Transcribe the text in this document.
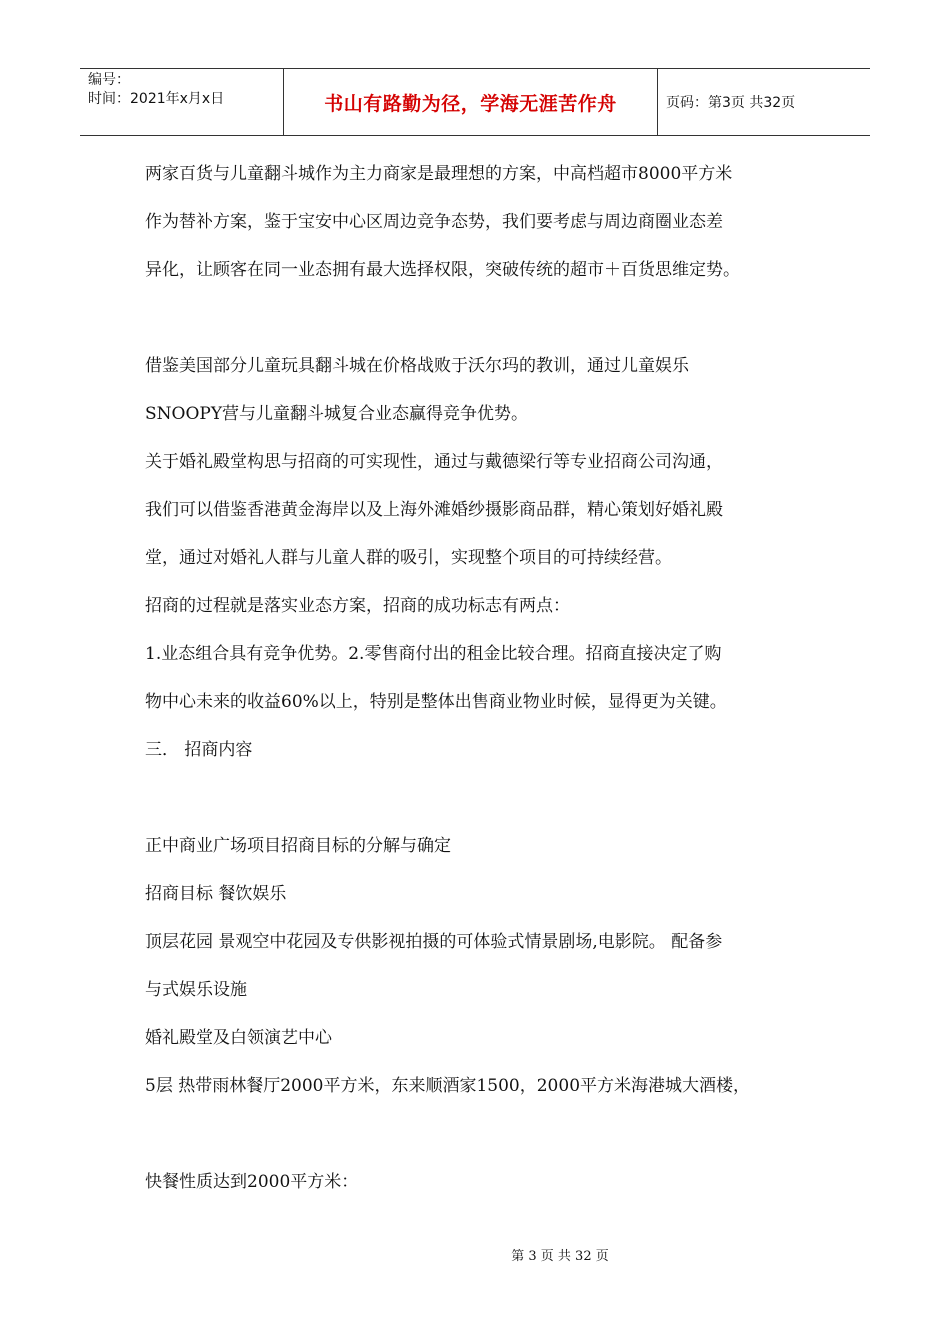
编号：
时间：2021年x月x日	书山有路勤为径，学海无涯苦作舟	页码：第3页 共32页

两家百货与儿童翻斗城作为主力商家是最理想的方案，中高档超市8000平方米

作为替补方案，鉴于宝安中心区周边竞争态势，我们要考虑与周边商圈业态差

异化，让顾客在同一业态拥有最大选择权限，突破传统的超市＋百货思维定势。

借鉴美国部分儿童玩具翻斗城在价格战败于沃尔玛的教训，通过儿童娱乐

SNOOPY营与儿童翻斗城复合业态赢得竞争优势。

关于婚礼殿堂构思与招商的可实现性，通过与戴德梁行等专业招商公司沟通，

我们可以借鉴香港黄金海岸以及上海外滩婚纱摄影商品群，精心策划好婚礼殿

堂，通过对婚礼人群与儿童人群的吸引，实现整个项目的可持续经营。

招商的过程就是落实业态方案，招商的成功标志有两点：

1.业态组合具有竞争优势。2.零售商付出的租金比较合理。招商直接决定了购

物中心未来的收益60%以上，特别是整体出售商业物业时候，显得更为关键。

三． 招商内容

正中商业广场项目招商目标的分解与确定

招商目标 餐饮娱乐

顶层花园 景观空中花园及专供影视拍摄的可体验式情景剧场,电影院。 配备参

与式娱乐设施

婚礼殿堂及白领演艺中心

5层 热带雨林餐厅2000平方米，东来顺酒家1500，2000平方米海港城大酒楼，

快餐性质达到2000平方米：

第 3 页 共 32 页
